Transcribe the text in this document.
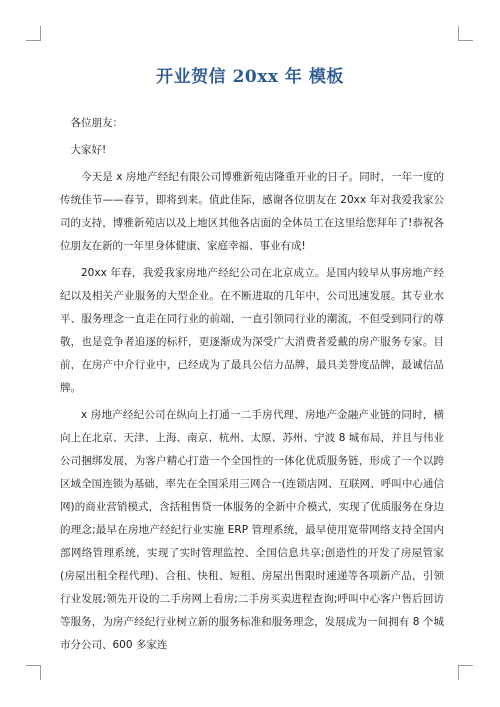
开业贺信 20xx 年 模板

各位朋友：

大家好!

今天是 x 房地产经纪有限公司博雅新苑店隆重开业的日子。同时，一年一度的传统佳节——春节，即将到来。值此佳际，感谢各位朋友在 20xx 年对我爱我家公司的支持，博雅新苑店以及上地区其他各店面的全体员工在这里给您拜年了!恭祝各位朋友在新的一年里身体健康、家庭幸福、事业有成!

20xx 年春，我爱我家房地产经纪公司在北京成立。是国内较早从事房地产经纪以及相关产业服务的大型企业。在不断进取的几年中，公司迅速发展。其专业水平、服务理念一直走在同行业的前端，一直引领同行业的潮流，不但受到同行的尊敬，也是竞争者追逐的标杆，更逐渐成为深受广大消费者爱戴的房产服务专家。目前，在房产中介行业中，已经成为了最具公信力品牌，最具美誉度品牌，最诚信品牌。

x 房地产经纪公司在纵向上打通一二手房代理、房地产金融产业链的同时，横向上在北京、天津、上海、南京、杭州、太原、苏州、宁波 8 城布局，并且与伟业公司捆绑发展，为客户精心打造一个全国性的一体化优质服务链，形成了一个以跨区域全国连锁为基础，率先在全国采用三网合一(连锁店网、互联网、呼叫中心通信网)的商业营销模式，含括租售贷一体服务的全新中介模式，实现了优质服务在身边的理念;最早在房地产经纪行业实施 ERP 管理系统，最早使用宽带网络支持全国内部网络管理系统，实现了实时管理监控、全国信息共享;创造性的开发了房屋管家 (房屋出租全程代理)、合租、快租、短租、房屋出售限时速递等各项新产品，引领行业发展;领先开设的二手房网上看房;二手房买卖进程查询;呼叫中心客户售后回访等服务，为房产经纪行业树立新的服务标准和服务理念，发展成为一间拥有 8 个城市分公司、600 多家连
